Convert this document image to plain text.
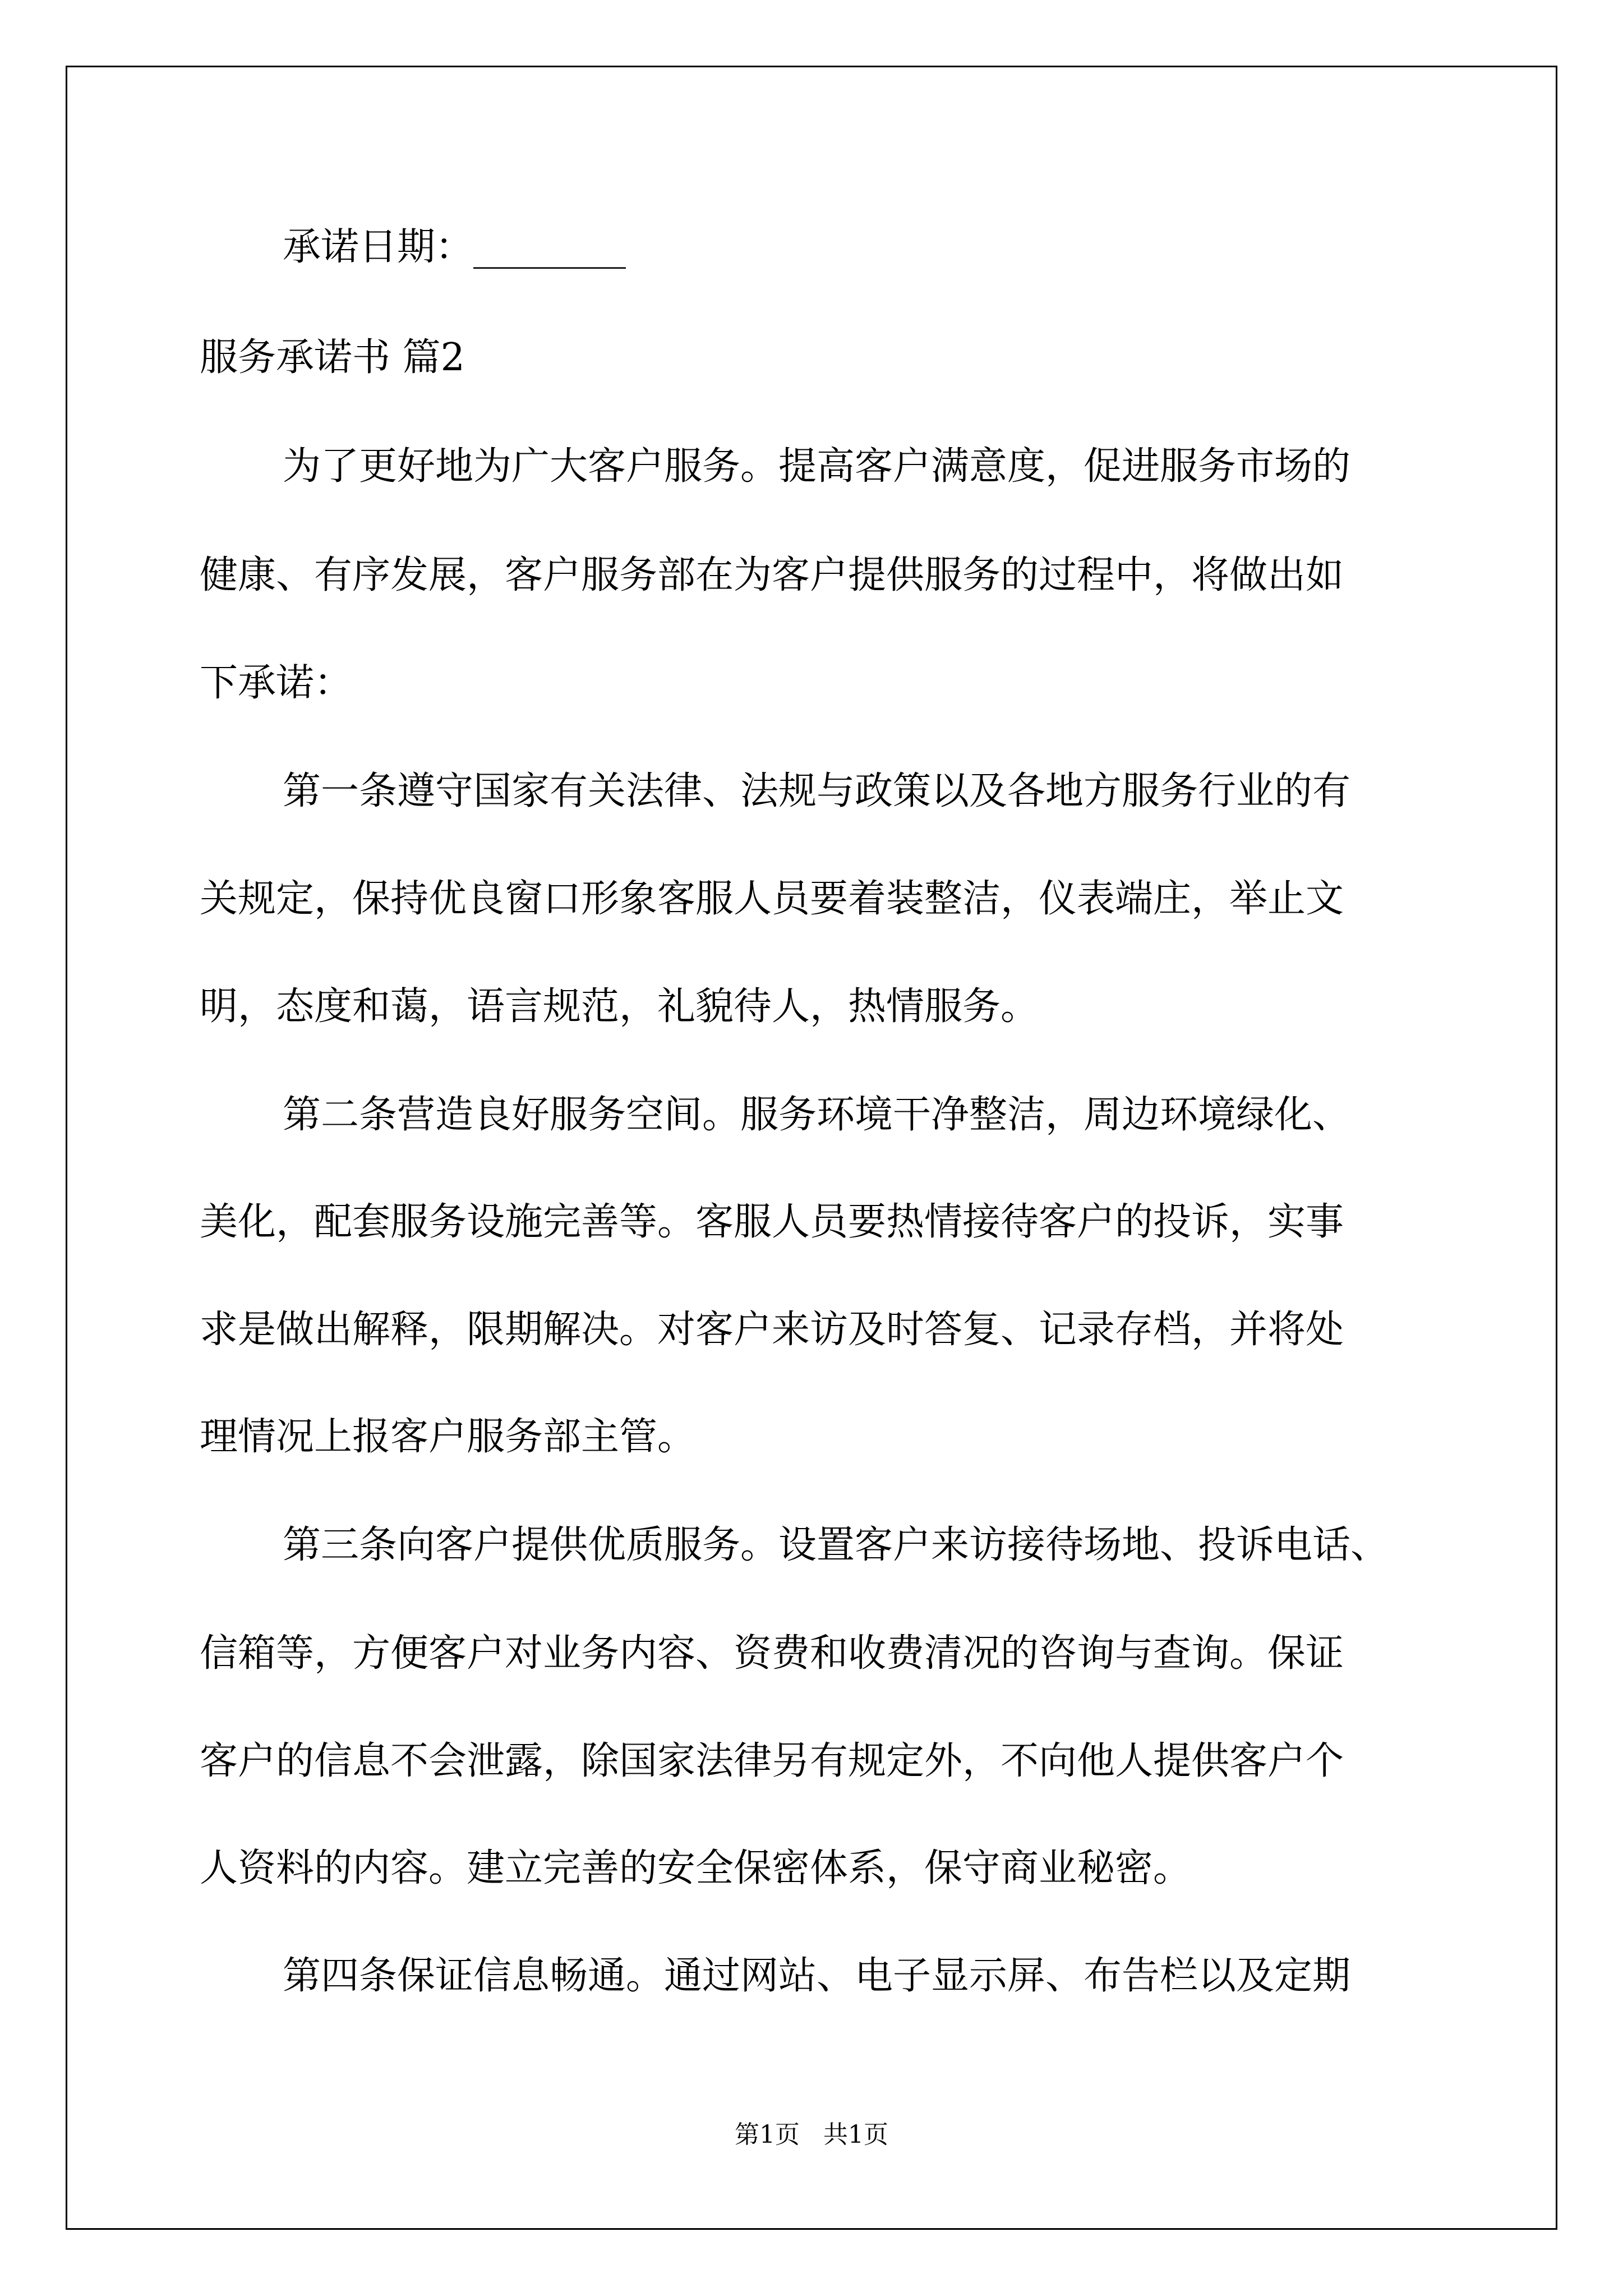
承诺日期：________
服务承诺书 篇2
为了更好地为广大客户服务。提高客户满意度，促进服务市场的
健康、有序发展，客户服务部在为客户提供服务的过程中，将做出如
下承诺：
第一条遵守国家有关法律、法规与政策以及各地方服务行业的有
关规定，保持优良窗口形象客服人员要着装整洁，仪表端庄，举止文
明，态度和蔼，语言规范，礼貌待人，热情服务。
第二条营造良好服务空间。服务环境干净整洁，周边环境绿化、
美化，配套服务设施完善等。客服人员要热情接待客户的投诉，实事
求是做出解释，限期解决。对客户来访及时答复、记录存档，并将处
理情况上报客户服务部主管。
第三条向客户提供优质服务。设置客户来访接待场地、投诉电话、
信箱等，方便客户对业务内容、资费和收费清况的咨询与查询。保证
客户的信息不会泄露，除国家法律另有规定外，不向他人提供客户个
人资料的内容。建立完善的安全保密体系，保守商业秘密。
第四条保证信息畅通。通过网站、电子显示屏、布告栏以及定期
第1页   共1页
